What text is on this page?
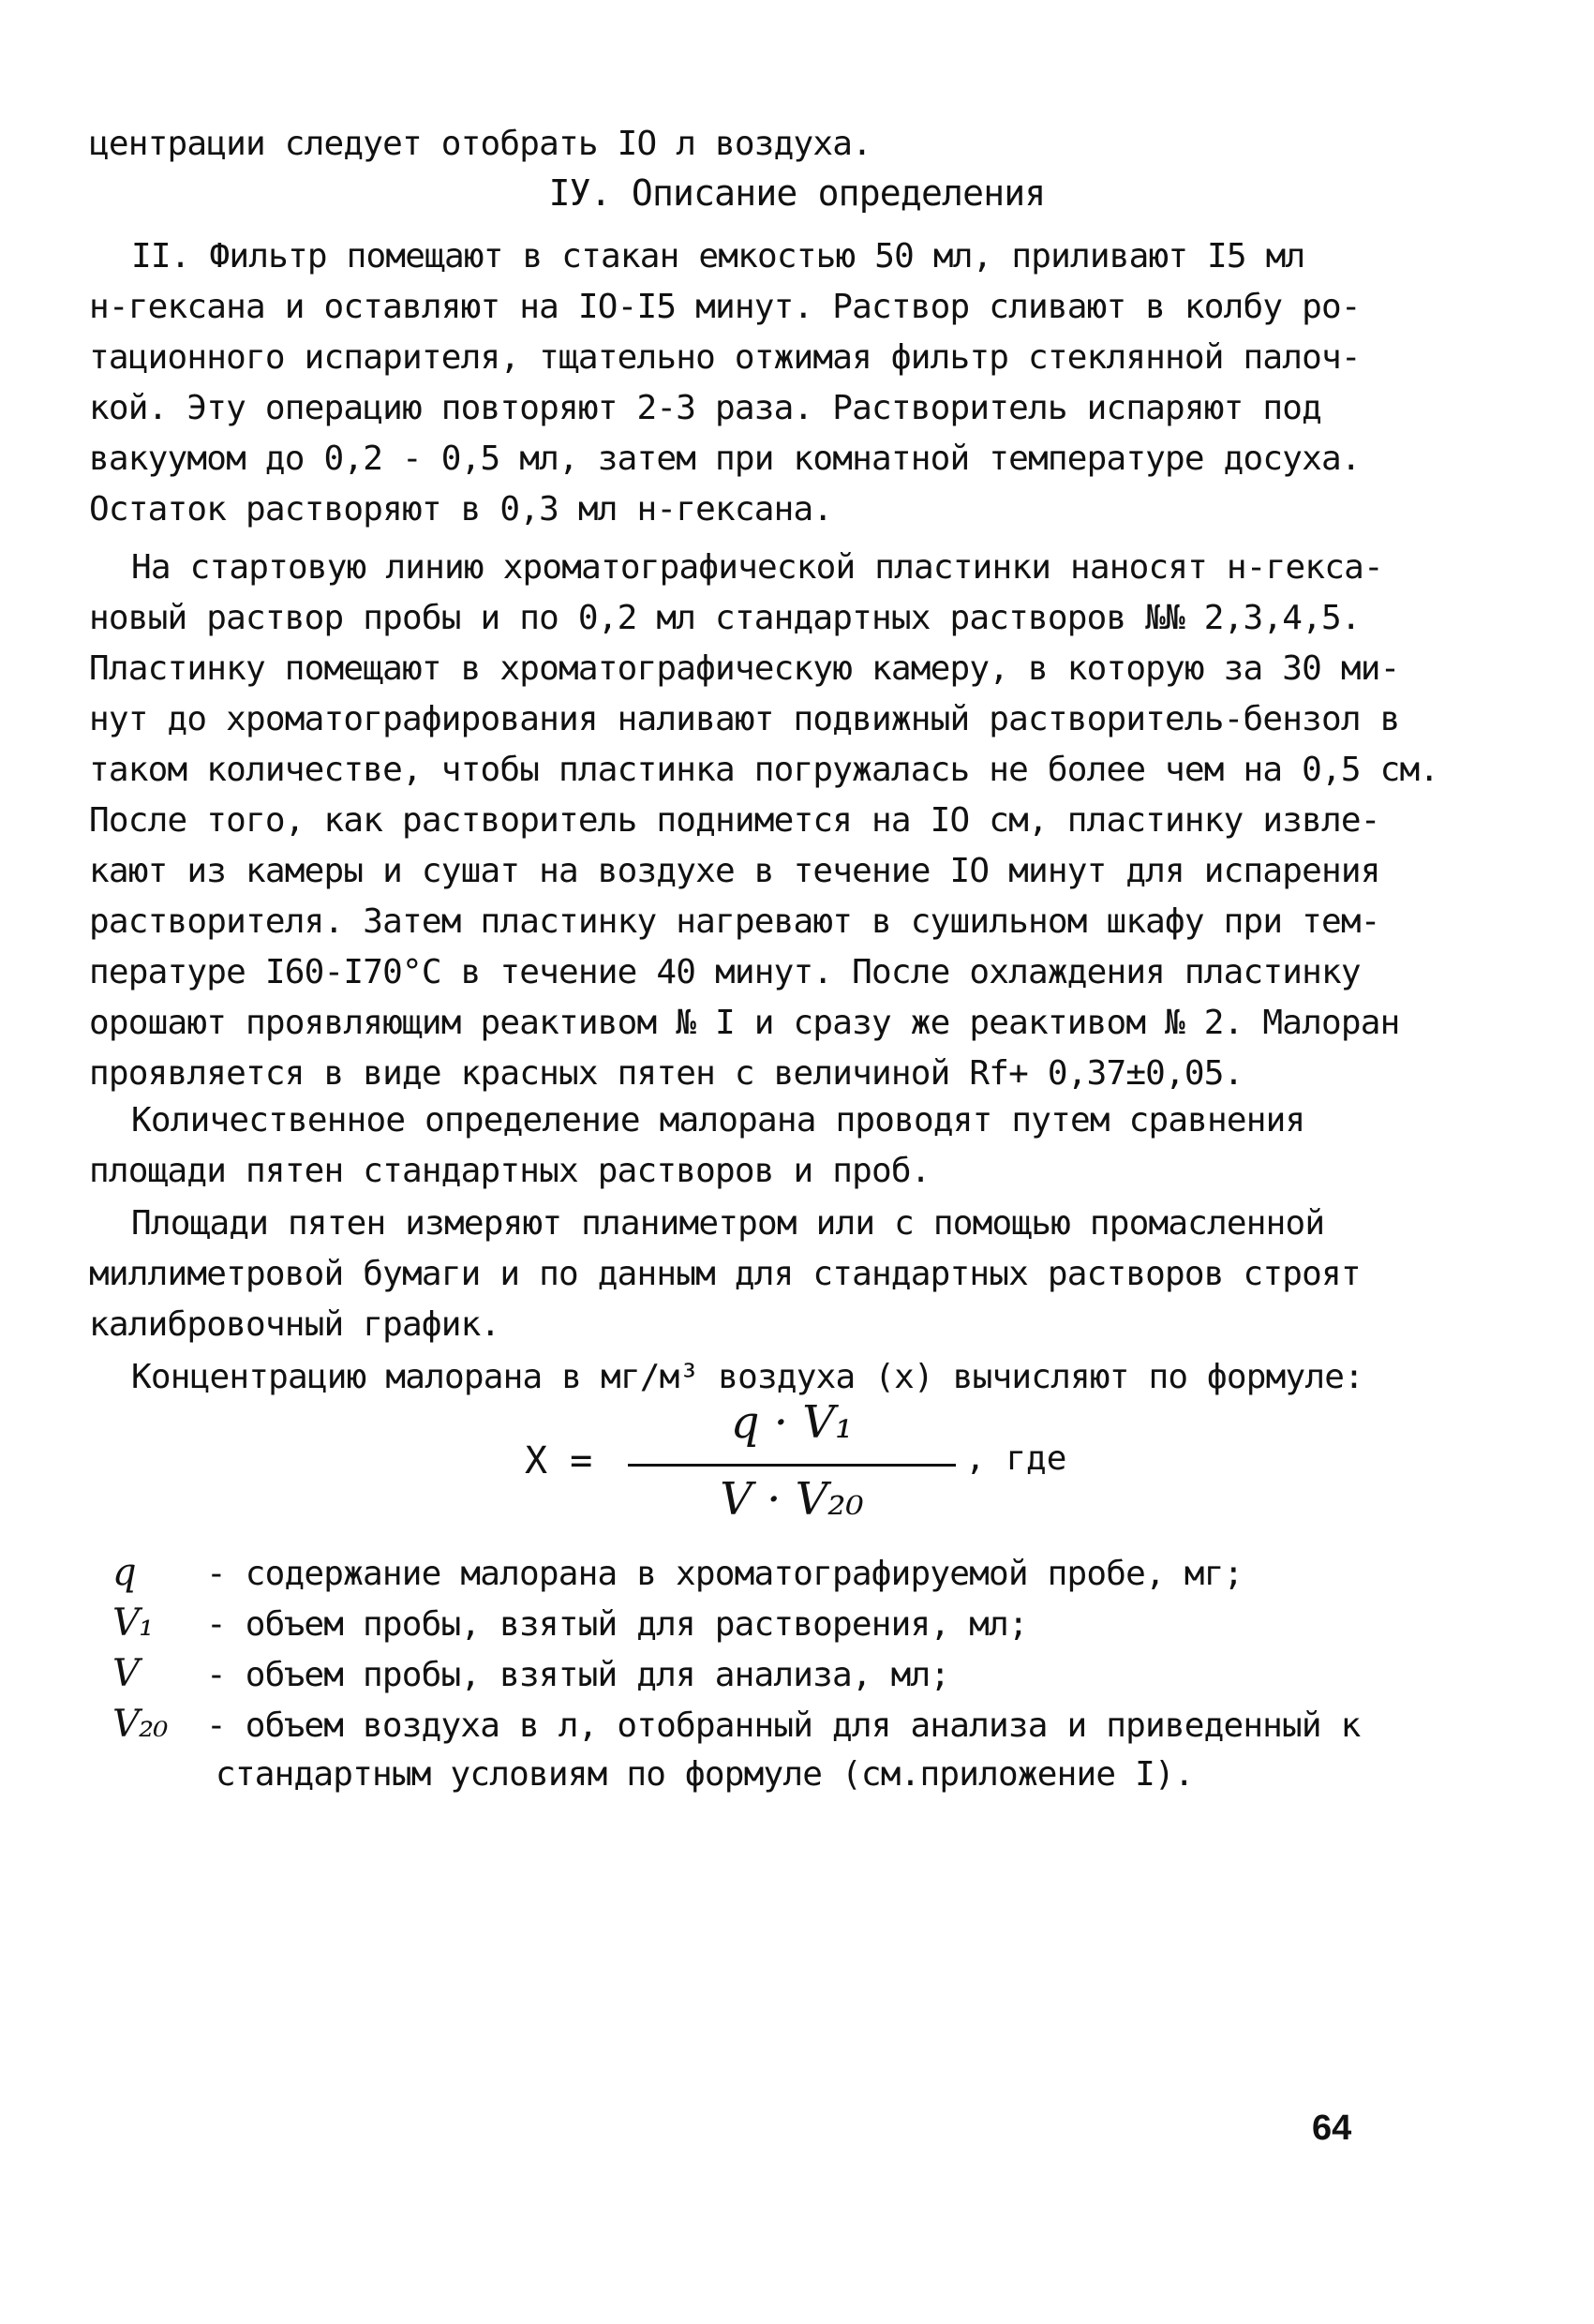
центрации следует отобрать IO л воздуха.
IУ. Описание определения
II. Фильтр помещают в стакан емкостью 50 мл, приливают I5 мл
н-гексана и оставляют на IO-I5 минут. Раствор сливают в колбу ро-
тационного испарителя, тщательно отжимая фильтр стеклянной палоч-
кой. Эту операцию повторяют 2-3 раза. Растворитель испаряют под
вакуумом до 0,2 - 0,5 мл, затем при комнатной температуре досуха.
Остаток растворяют в 0,3 мл н-гексана.
На стартовую линию хроматографической пластинки наносят н-гекса-
новый раствор пробы и по 0,2 мл стандартных растворов №№ 2,3,4,5.
Пластинку помещают в хроматографическую камеру, в которую за 30 ми-
нут до хроматографирования наливают подвижный растворитель-бензол в
таком количестве, чтобы пластинка погружалась не более чем на 0,5 см.
После того, как растворитель поднимется на IO см, пластинку извле-
кают из камеры и сушат на воздухе в течение IO минут для испарения
растворителя. Затем пластинку нагревают в сушильном шкафу при тем-
пературе I60-I70°C в течение 40 минут. После охлаждения пластинку
орошают проявляющим реактивом № I и сразу же реактивом № 2. Малоран
проявляется в виде красных пятен с величиной Rf+ 0,37±0,05.
Количественное определение малорана проводят путем сравнения
площади пятен стандартных растворов и проб.
Площади пятен измеряют планиметром или с помощью промасленной
миллиметровой бумаги и по данным для стандартных растворов строят
калибровочный график.
Концентрацию малорана в мг/м³ воздуха (х) вычисляют по формуле:
X =
q · V₁
V · V₂₀
, где
q - содержание малорана в хроматографируемой пробе, мг;
V₁ - объем пробы, взятый для растворения, мл;
V - объем пробы, взятый для анализа, мл;
V₂₀ - объем воздуха в л, отобранный для анализа и приведенный к
стандартным условиям по формуле (см.приложение I).
64
